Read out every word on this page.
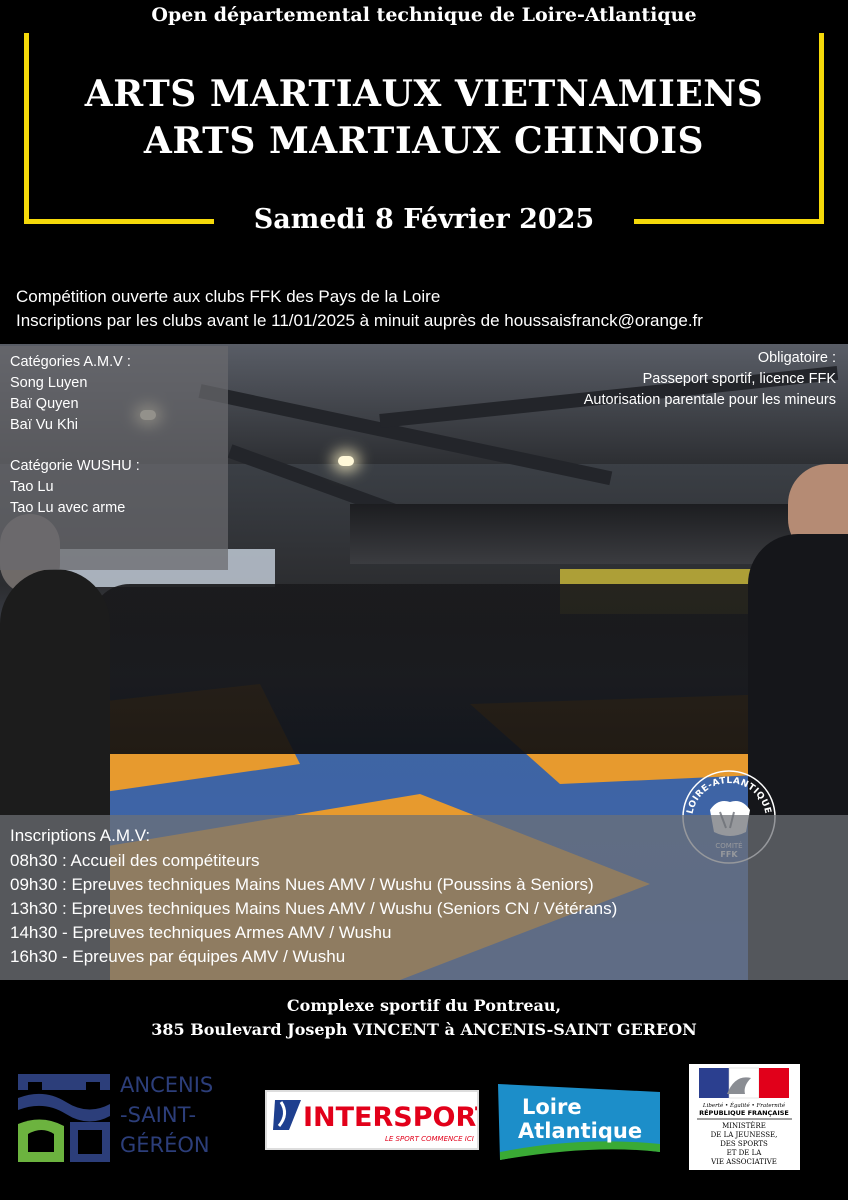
Open départemental technique de Loire-Atlantique
ARTS MARTIAUX VIETNAMIENS
ARTS MARTIAUX CHINOIS
Samedi 8 Février 2025
Compétition ouverte aux clubs FFK des Pays de la Loire
Inscriptions par les clubs avant le 11/01/2025 à minuit auprès de houssaisfranck@orange.fr
Catégories A.M.V :
Song Luyen
Baï Quyen
Baï Vu Khi
Catégorie WUSHU :
Tao Lu
Tao Lu avec arme
Obligatoire :
Passeport sportif, licence FFK
Autorisation parentale pour les mineurs
LOIRE-ATLANTIQUE
Inscriptions A.M.V:
08h30 : Accueil des compétiteurs
09h30 : Epreuves techniques Mains Nues AMV / Wushu (Poussins à Seniors)
13h30 : Epreuves techniques Mains Nues AMV / Wushu (Seniors CN / Vétérans)
14h30 - Epreuves techniques Armes AMV / Wushu
16h30 - Epreuves par équipes AMV / Wushu
Complexe sportif du Pontreau,
385 Boulevard Joseph VINCENT à ANCENIS-SAINT GEREON
ANCENIS
-SAINT-
GÉRÉON
INTERSPORT
LE SPORT COMMENCE ICI
Loire
Atlantique
Liberté • Égalité • Fraternité
RÉPUBLIQUE FRANÇAISE
MINISTÈRE
DE LA JEUNESSE,
DES SPORTS
ET DE LA
VIE ASSOCIATIVE
